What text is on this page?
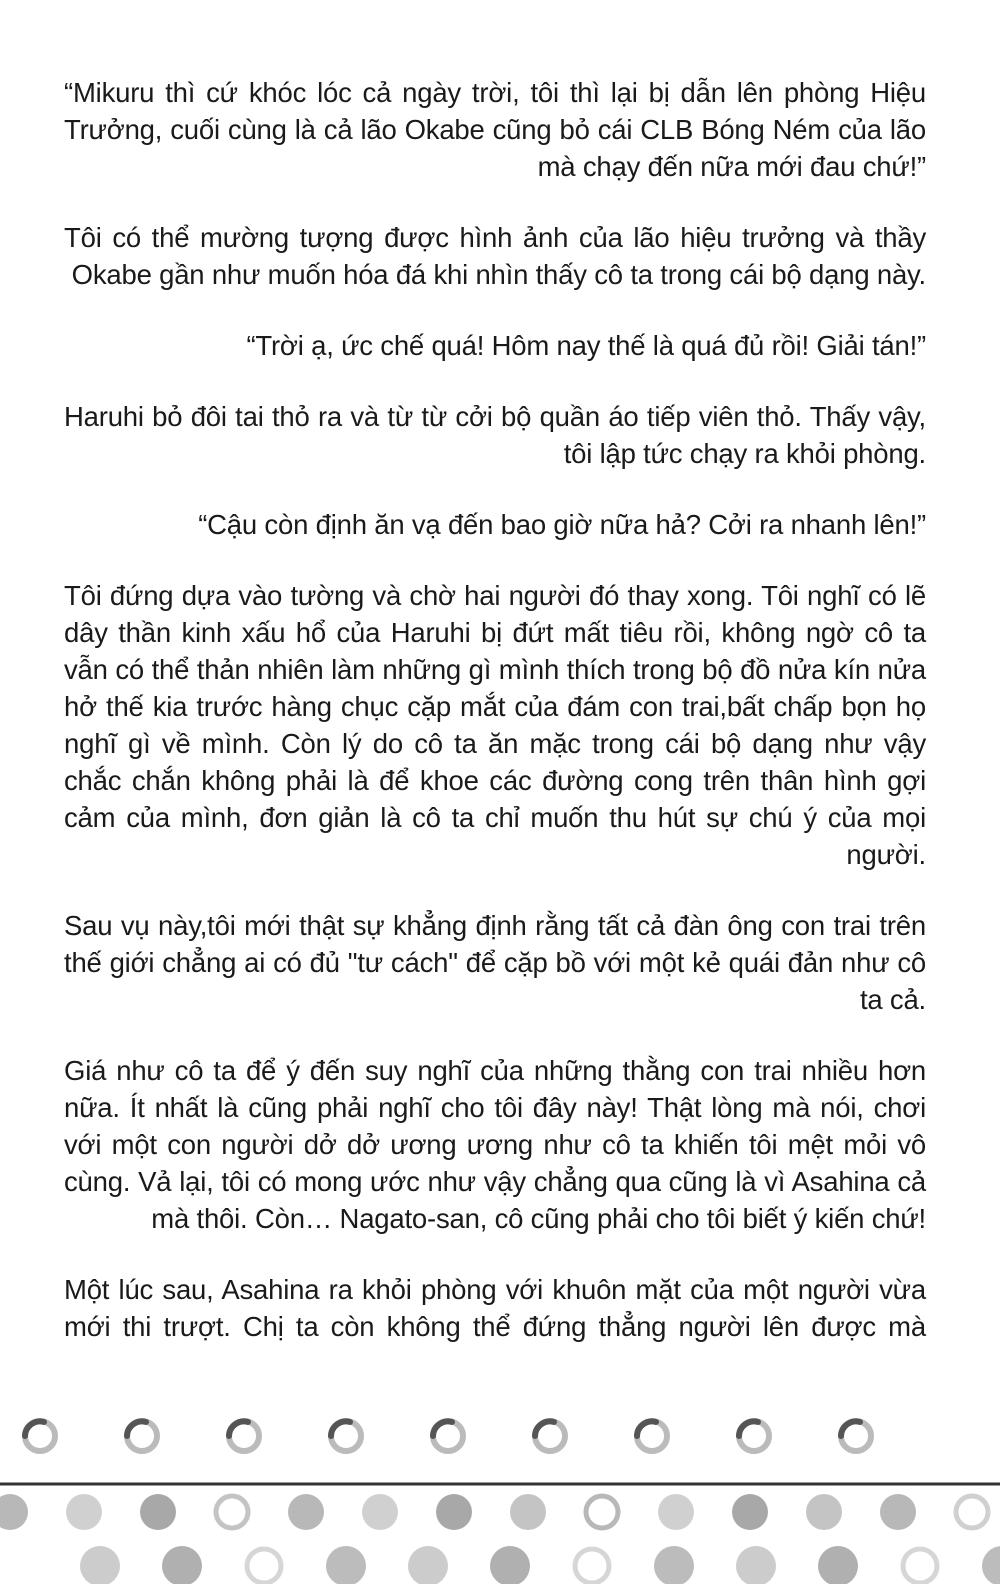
“Mikuru thì cứ khóc lóc cả ngày trời, tôi thì lại bị dẫn lên phòng Hiệu Trưởng, cuối cùng là cả lão Okabe cũng bỏ cái CLB Bóng Ném của lão mà chạy đến nữa mới đau chứ!”

Tôi có thể mường tượng được hình ảnh của lão hiệu trưởng và thầy Okabe gần như muốn hóa đá khi nhìn thấy cô ta trong cái bộ dạng này.

“Trời ạ, ức chế quá! Hôm nay thế là quá đủ rồi! Giải tán!”

Haruhi bỏ đôi tai thỏ ra và từ từ cởi bộ quần áo tiếp viên thỏ. Thấy vậy, tôi lập tức chạy ra khỏi phòng.

“Cậu còn định ăn vạ đến bao giờ nữa hả? Cởi ra nhanh lên!”

Tôi đứng dựa vào tường và chờ hai người đó thay xong. Tôi nghĩ có lẽ dây thần kinh xấu hổ của Haruhi bị đứt mất tiêu rồi, không ngờ cô ta vẫn có thể thản nhiên làm những gì mình thích trong bộ đồ nửa kín nửa hở thế kia trước hàng chục cặp mắt của đám con trai,bất chấp bọn họ nghĩ gì về mình. Còn lý do cô ta ăn mặc trong cái bộ dạng như vậy chắc chắn không phải là để khoe các đường cong trên thân hình gợi cảm của mình, đơn giản là cô ta chỉ muốn thu hút sự chú ý của mọi người.

Sau vụ này,tôi mới thật sự khẳng định rằng tất cả đàn ông con trai trên thế giới chẳng ai có đủ "tư cách" để cặp bồ với một kẻ quái đản như cô ta cả.

Giá như cô ta để ý đến suy nghĩ của những thằng con trai nhiều hơn nữa. Ít nhất là cũng phải nghĩ cho tôi đây này! Thật lòng mà nói, chơi với một con người dở dở ương ương như cô ta khiến tôi mệt mỏi vô cùng. Vả lại, tôi có mong ước như vậy chẳng qua cũng là vì Asahina cả mà thôi. Còn… Nagato-san, cô cũng phải cho tôi biết ý kiến chứ!

Một lúc sau, Asahina ra khỏi phòng với khuôn mặt của một người vừa mới thi trượt. Chị ta còn không thể đứng thẳng người lên được mà
